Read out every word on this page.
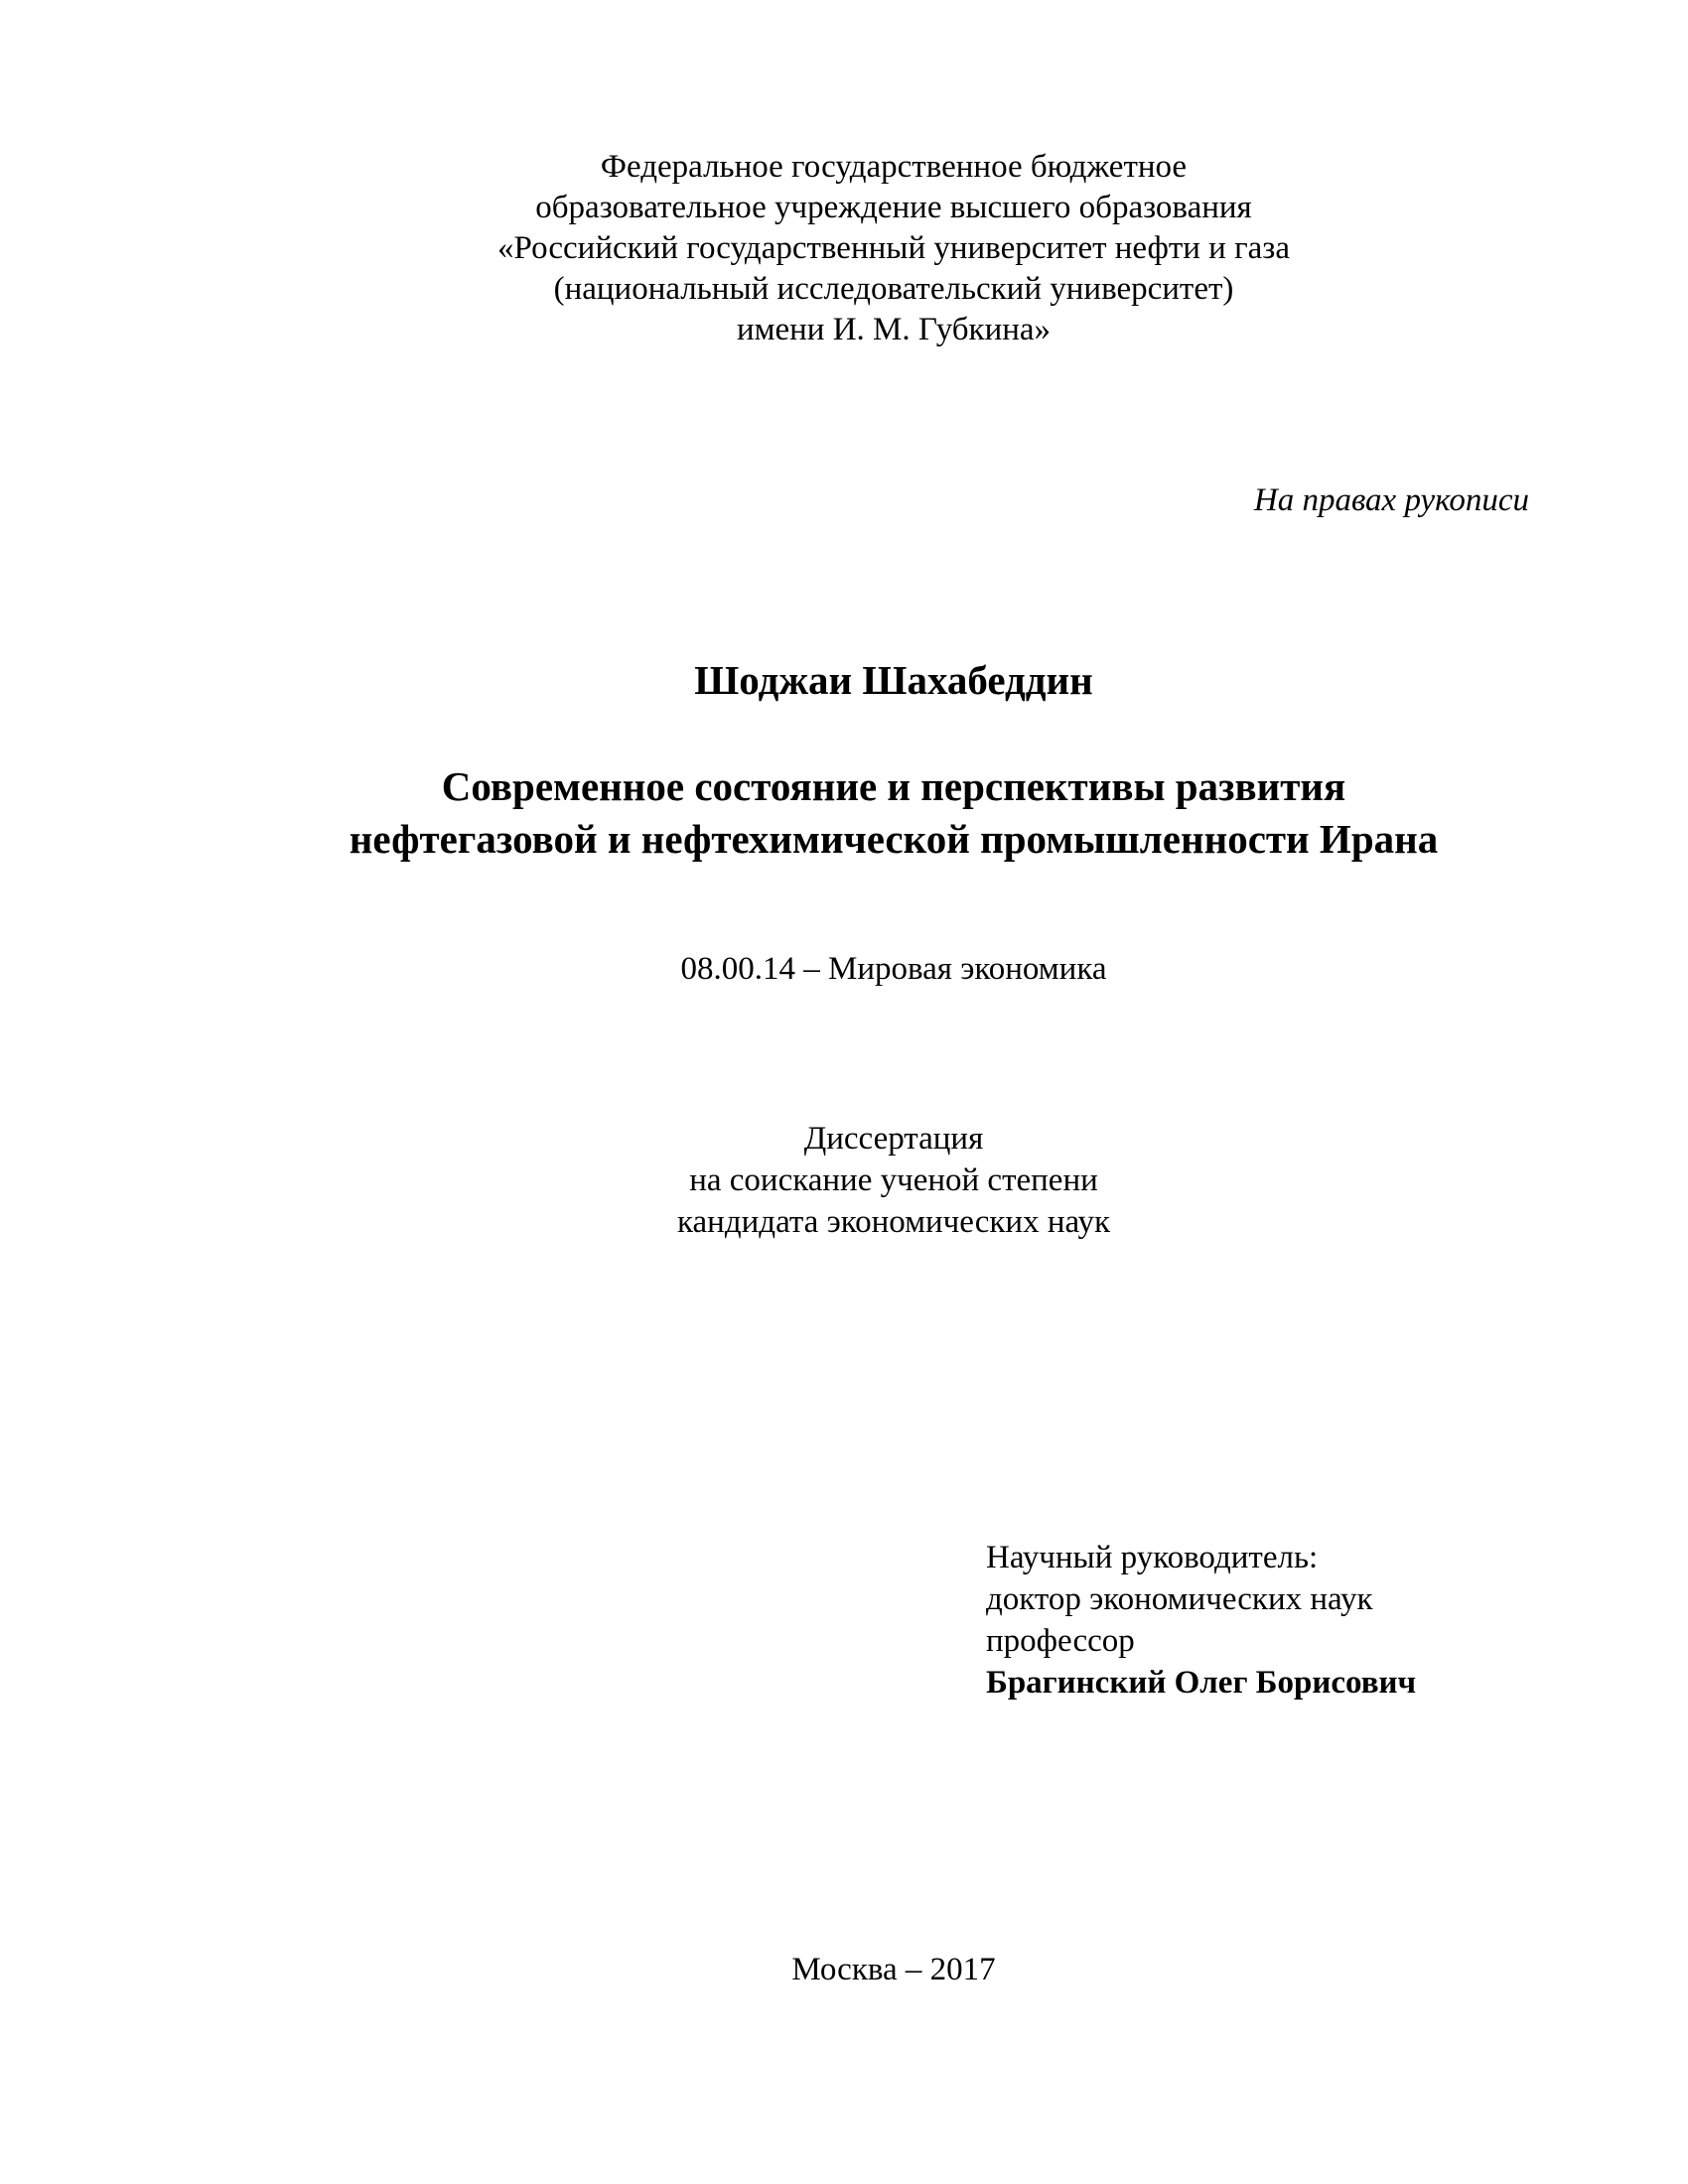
Федеральное государственное бюджетное
образовательное учреждение высшего образования
«Российский государственный университет нефти и газа
(национальный исследовательский университет)
имени И. М. Губкина»
На правах рукописи
Шоджаи Шахабеддин
Современное состояние и перспективы развития
нефтегазовой и нефтехимической промышленности Ирана
08.00.14 – Мировая экономика
Диссертация
на соискание ученой степени
кандидата экономических наук
Научный руководитель:
доктор экономических наук
профессор
Брагинский Олег Борисович
Москва – 2017
